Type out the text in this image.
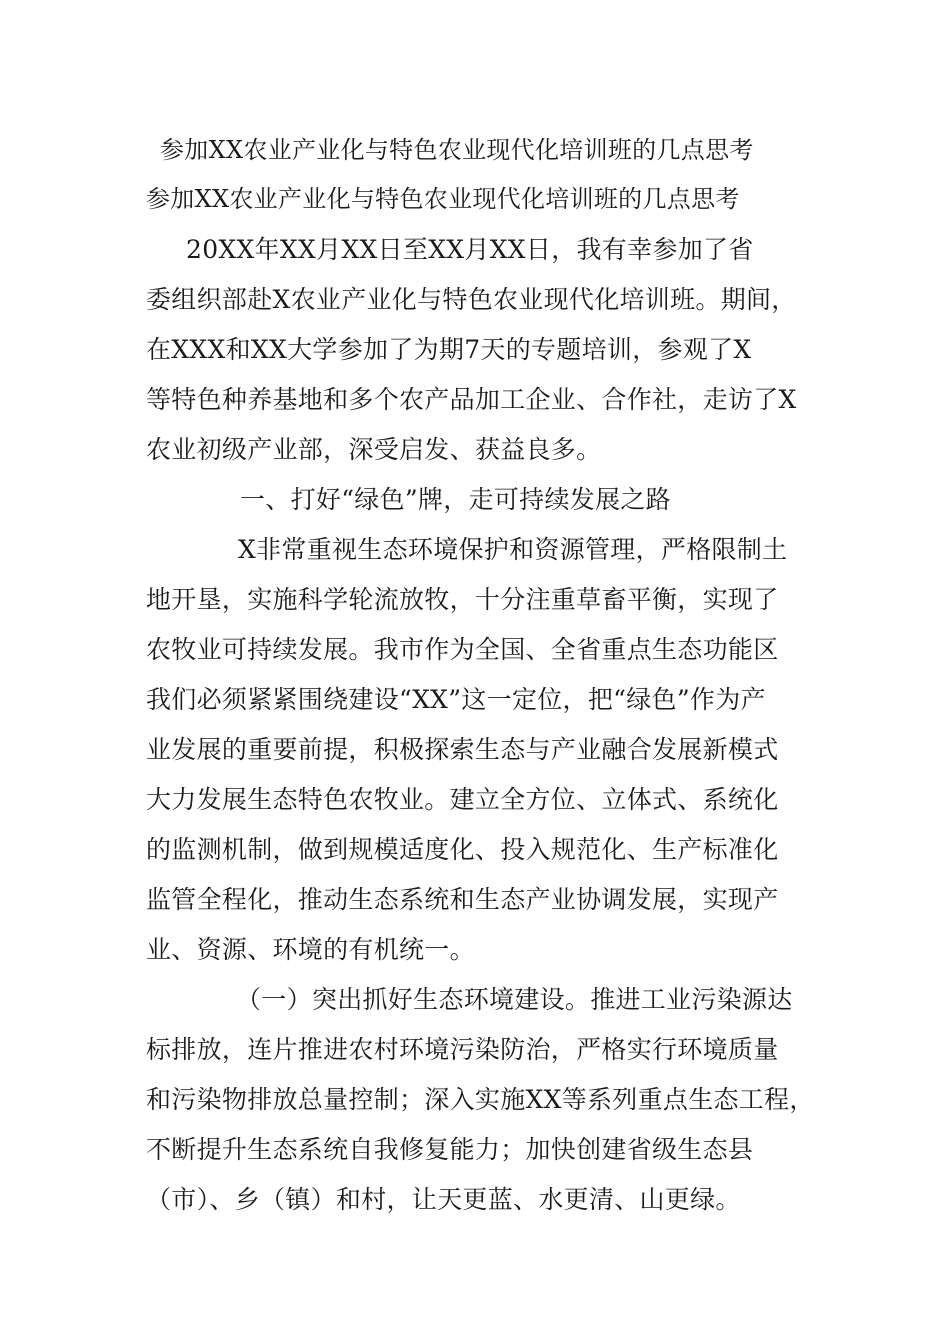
参加XX农业产业化与特色农业现代化培训班的几点思考
参加XX农业产业化与特色农业现代化培训班的几点思考
20XX年XX月XX日至XX月XX日，我有幸参加了省
委组织部赴X农业产业化与特色农业现代化培训班。期间，
在XXX和XX大学参加了为期7天的专题培训，参观了X
等特色种养基地和多个农产品加工企业、合作社，走访了X
农业初级产业部，深受启发、获益良多。
一、打好“绿色”牌，走可持续发展之路
X非常重视生态环境保护和资源管理，严格限制土
地开垦，实施科学轮流放牧，十分注重草畜平衡，实现了
农牧业可持续发展。我市作为全国、全省重点生态功能区
我们必须紧紧围绕建设“XX”这一定位，把“绿色”作为产
业发展的重要前提，积极探索生态与产业融合发展新模式
大力发展生态特色农牧业。建立全方位、立体式、系统化
的监测机制，做到规模适度化、投入规范化、生产标准化
监管全程化，推动生态系统和生态产业协调发展，实现产
业、资源、环境的有机统一。
（一）突出抓好生态环境建设。推进工业污染源达
标排放，连片推进农村环境污染防治，严格实行环境质量
和污染物排放总量控制；深入实施XX等系列重点生态工程，
不断提升生态系统自我修复能力；加快创建省级生态县
（市）、乡（镇）和村，让天更蓝、水更清、山更绿。
